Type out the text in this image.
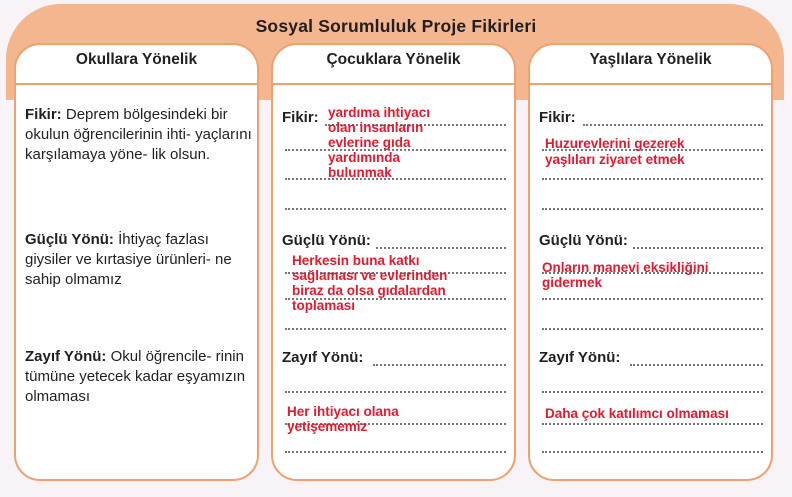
Sosyal Sorumluluk Proje Fikirleri
Okullara Yönelik
Fikir: Deprem bölgesindeki bir okulun öğrencilerinin ihti- yaçlarını karşılamaya yöne- lik olsun.
Güçlü Yönü: İhtiyaç fazlası giysiler ve kırtasiye ürünleri- ne sahip olmamız
Zayıf Yönü: Okul öğrencile- rinin tümüne yetecek kadar eşyamızın olmaması
Çocuklara Yönelik
Fikir: yardıma ihtiyacı
olan insanların
evlerine gıda
yardımında
bulunmak
Güçlü Yönü:
Herkesin buna katkı
sağlaması ve evlerinden
biraz da olsa gıdalardan
toplaması
Zayıf Yönü:
Her ihtiyacı olana
yetişememiz
Yaşlılara Yönelik
Fikir:
Huzurevlerini gezerek
yaşlıları ziyaret etmek
Güçlü Yönü:
Onların manevi eksikliğini
gidermek
Zayıf Yönü:
Daha çok katılımcı olmaması
